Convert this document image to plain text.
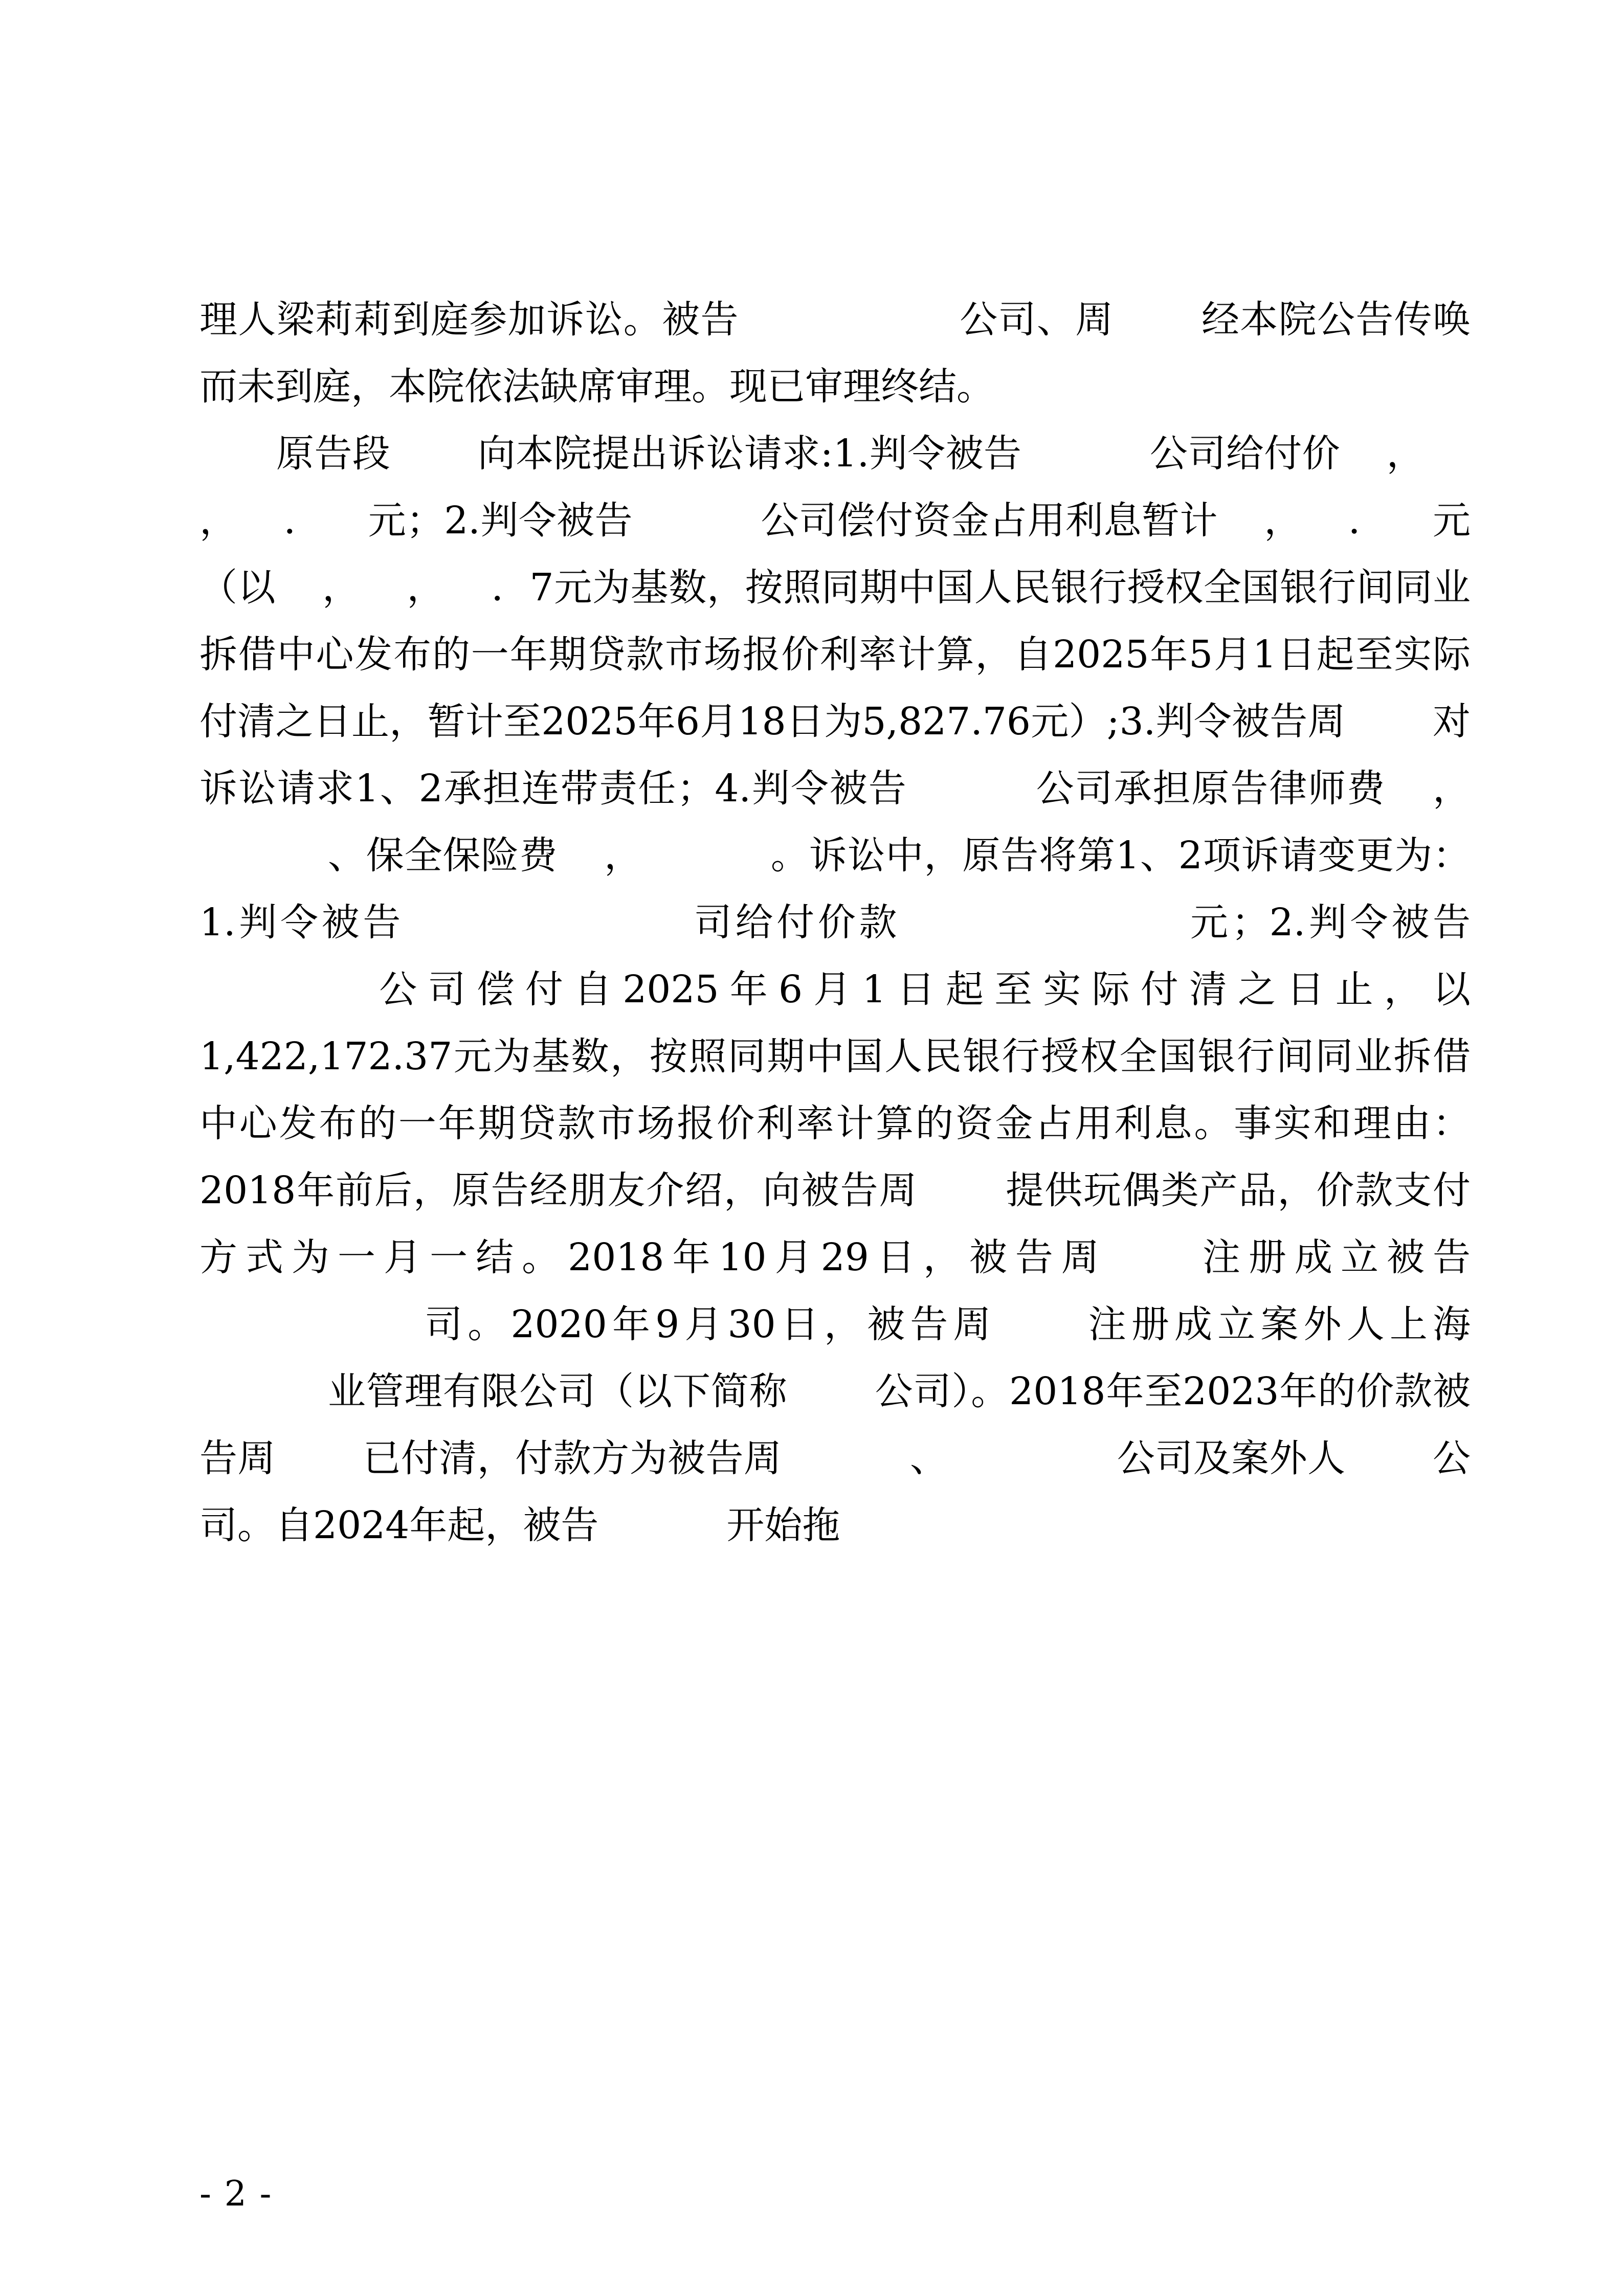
理人梁莉莉到庭参加诉讼。被告	公司、周 经本院公告传唤而未到庭，本院依法缺席审理。现已审理终结。

原告段 向本院提出诉讼请求:1.判令被告	公司给付价 ， ， ． 元；2.判令被告	公司偿付资金占用利息暂计 ， ． 元（以 ， ， ．7元为基数，按照同期中国人民银行授权全国银行间同业拆借中心发布的一年期贷款市场报价利率计算，自2025年5月1日起至实际付清之日止，暂计至2025年6月18日为5,827.76元）;3.判令被告周 对诉讼请求1、2承担连带责任；4.判令被告	公司承担原告律师费 ， 、保全保险费 ，	。诉讼中，原告将第1、2项诉请变更为：1.判令被告	司给付价款	元；2.判令被告 公司偿付自2025年6月1日起至实际付清之日止，以1,422,172.37元为基数，按照同期中国人民银行授权全国银行间同业拆借中心发布的一年期贷款市场报价利率计算的资金占用利息。事实和理由：2018年前后，原告经朋友介绍，向被告周 提供玩偶类产品，价款支付方式为一月一结。2018年10月29日，被告周 注册成立被告 司。2020年9月30日，被告周 注册成立案外人上海 业管理有限公司（以下简称 公司）。2018年至2023年的价款被告周 已付清，付款方为被告周	、	公司及案外人 公司。自2024年起，被告	开始拖

- 2 -
